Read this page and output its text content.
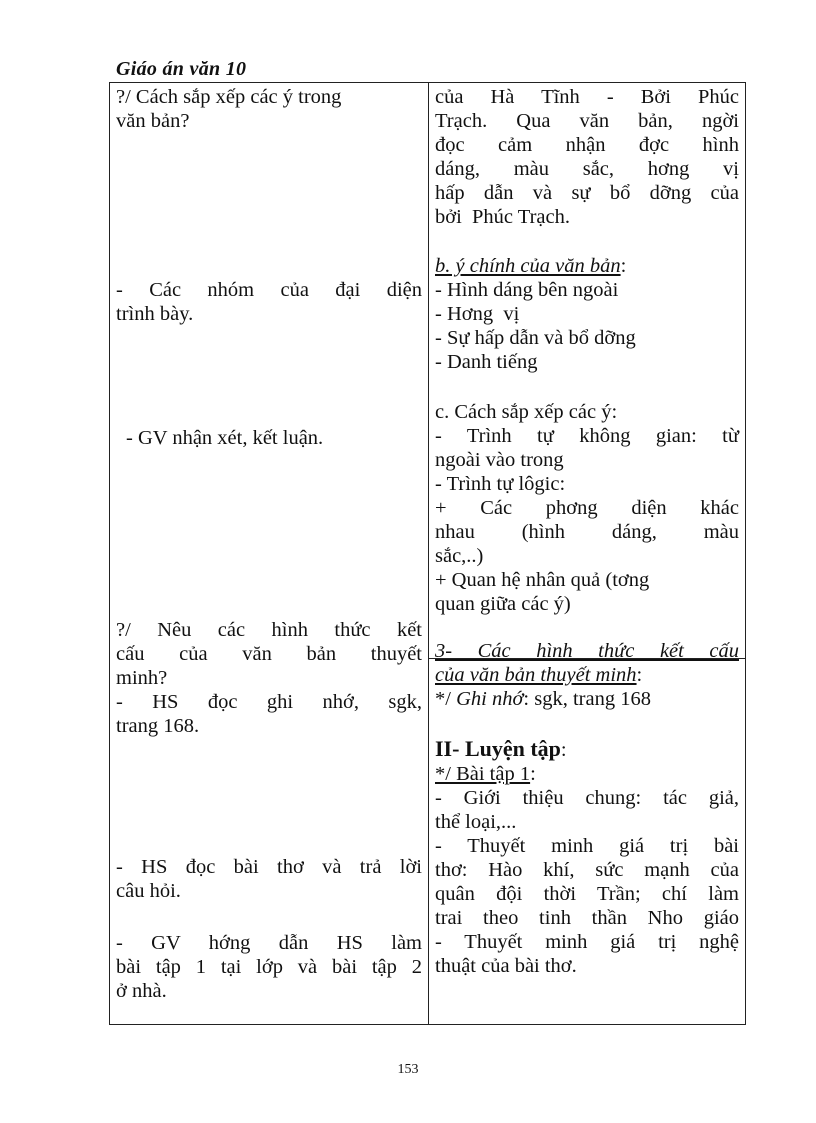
Giáo án văn 10
?/ Cách sắp xếp các ý trong
văn bản?
- Các nhóm của đại diện
trình bày.
- GV nhận xét, kết luận.
?/ Nêu các hình thức kết
cấu của văn bản thuyết
minh?
- HS đọc ghi nhớ, sgk,
trang 168.
- HS đọc bài thơ và trả lời
câu hỏi.
- GV hớng dẫn HS làm
bài tập 1 tại lớp và bài tập 2
ở nhà.
của Hà Tĩnh - Bởi Phúc
Trạch. Qua văn bản, ngời
đọc cảm nhận đợc hình
dáng, màu sắc, hơng vị
hấp dẫn và sự bổ dỡng của
bởi  Phúc Trạch.
b. ý chính của văn bản:
- Hình dáng bên ngoài
- Hơng  vị
- Sự hấp dẫn và bổ dỡng
- Danh tiếng
c. Cách sắp xếp các ý:
- Trình tự không gian: từ
ngoài vào trong
- Trình tự lôgic:
+ Các phơng diện khác
nhau (hình dáng, màu
sắc,..)
+ Quan hệ nhân quả (tơng
quan giữa các ý)
3- Các hình thức kết cấu
của văn bản thuyết minh:
*/ Ghi nhớ: sgk, trang 168
II- Luyện tập:
*/ Bài tập 1:
- Giới thiệu chung: tác giả,
thể loại,...
- Thuyết minh giá trị bài
thơ: Hào khí, sức mạnh của
quân đội thời Trần; chí làm
trai theo tinh thần Nho giáo
- Thuyết minh giá trị nghệ
thuật của bài thơ.
153
